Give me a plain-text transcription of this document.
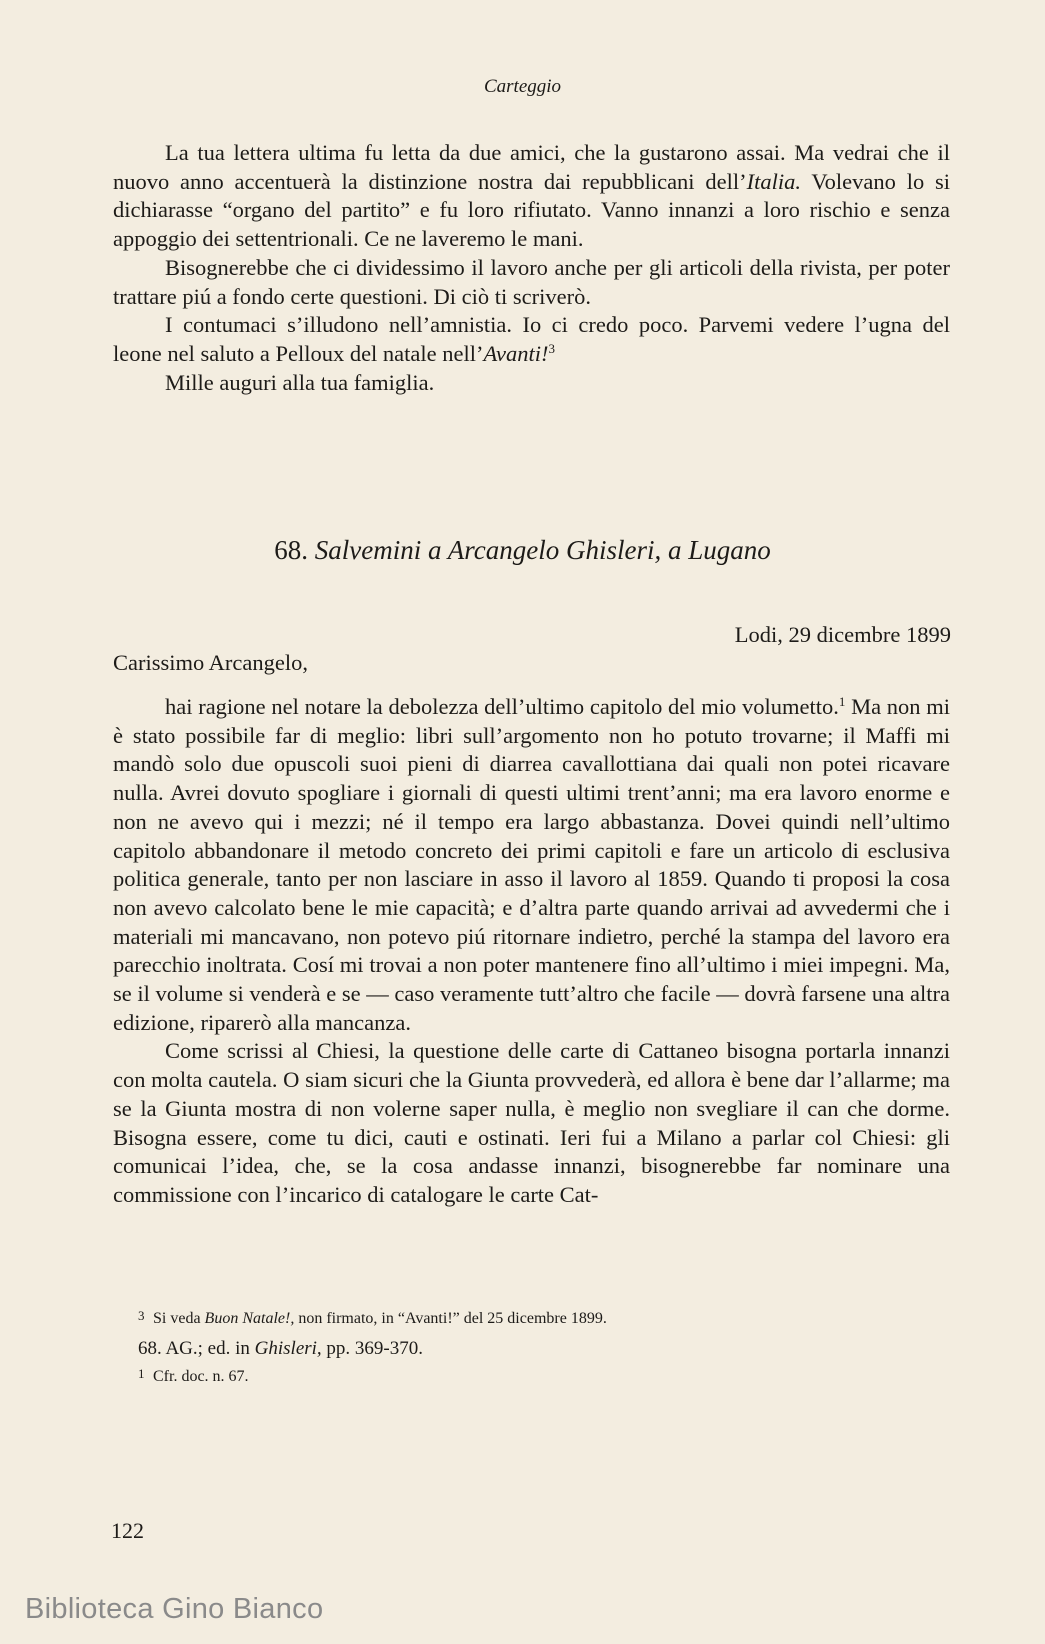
Carteggio

La tua lettera ultima fu letta da due amici, che la gustarono assai. Ma vedrai che il nuovo anno accentuerà la distinzione nostra dai repubblicani dell’Italia. Volevano lo si dichiarasse “organo del partito” e fu loro rifiutato. Vanno innanzi a loro rischio e senza appoggio dei settentrionali. Ce ne laveremo le mani.

Bisognerebbe che ci dividessimo il lavoro anche per gli articoli della rivista, per poter trattare piú a fondo certe questioni. Di ciò ti scriverò.

I contumaci s’illudono nell’amnistia. Io ci credo poco. Parvemi vedere l’ugna del leone nel saluto a Pelloux del natale nell’Avanti!$^3$

Mille auguri alla tua famiglia.

68. Salvemini a Arcangelo Ghisleri, a Lugano
Lodi, 29 dicembre 1899
Carissimo Arcangelo,

hai ragione nel notare la debolezza dell’ultimo capitolo del mio volumetto.$^1$ Ma non mi è stato possibile far di meglio: libri sull’argomento non ho potuto trovarne; il Maffi mi mandò solo due opuscoli suoi pieni di diarrea cavallottiana dai quali non potei ricavare nulla. Avrei dovuto spogliare i giornali di questi ultimi trent’anni; ma era lavoro enorme e non ne avevo qui i mezzi; né il tempo era largo abbastanza. Dovei quindi nell’ultimo capitolo abbandonare il metodo concreto dei primi capitoli e fare un articolo di esclusiva politica generale, tanto per non lasciare in asso il lavoro al 1859. Quando ti proposi la cosa non avevo calcolato bene le mie capacità; e d’altra parte quando arrivai ad avvedermi che i materiali mi mancavano, non potevo piú ritornare indietro, perché la stampa del lavoro era parecchio inoltrata. Cosí mi trovai a non poter mantenere fino all’ultimo i miei impegni. Ma, se il volume si venderà e se — caso veramente tutt’altro che facile — dovrà farsene una altra edizione, riparerò alla mancanza.

Come scrissi al Chiesi, la questione delle carte di Cattaneo bisogna portarla innanzi con molta cautela. O siam sicuri che la Giunta provvederà, ed allora è bene dar l’allarme; ma se la Giunta mostra di non volerne saper nulla, è meglio non svegliare il can che dorme. Bisogna essere, come tu dici, cauti e ostinati. Ieri fui a Milano a parlar col Chiesi: gli comunicai l’idea, che, se la cosa andasse innanzi, bisognerebbe far nominare una commissione con l’incarico di catalogare le carte Cat-

3 Si veda Buon Natale!, non firmato, in “Avanti!” del 25 dicembre 1899.
68. AG.; ed. in Ghisleri, pp. 369-370.
1 Cfr. doc. n. 67.
122
Biblioteca Gino Bianco
